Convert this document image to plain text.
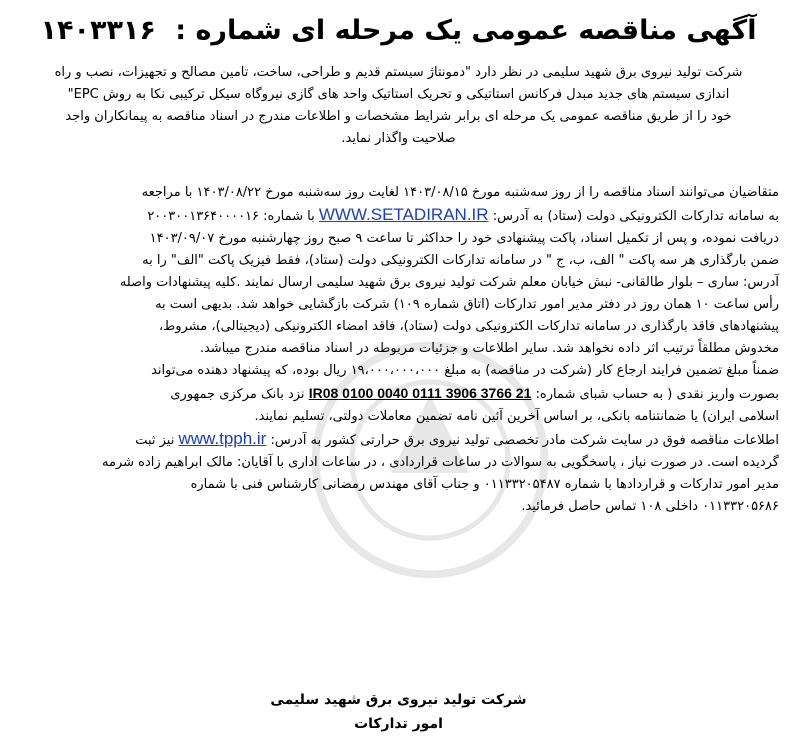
آگهی مناقصه عمومی یک مرحله ای شماره : ۱۴۰۳۳۱۶

شرکت تولید نیروی برق شهید سلیمی در نظر دارد "دمونتاژ سیستم قدیم و طراحی، ساخت، تامین مصالح و تجهیزات، نصب و راه

اندازی سیستم های جدید مبدل فرکانس استاتیکی و تحریک استاتیک واحد های گازی نیروگاه سیکل ترکیبی نکا به روش EPC"

خود را از طریق مناقصه عمومی یک مرحله ای برابر شرایط مشخصات و اطلاعات مندرج در اسناد مناقصه به پیمانکاران واجد

صلاحیت واگذار نماید.

متقاضیان می‌توانند اسناد مناقصه را از روز سه‌شنبه مورخ ۱۴۰۳/۰۸/۱۵ لغایت روز سه‌شنبه مورخ ۱۴۰۳/۰۸/۲۲ با مراجعه

به سامانه تدارکات الکترونیکی دولت (ستاد) به آدرس: WWW.SETADIRAN.IR با شماره: ۲۰۰۳۰۰۱۳۶۴۰۰۰۰۱۶

دریافت نموده، و پس از تکمیل اسناد، پاکت پیشنهادی خود را حداکثر تا ساعت ۹ صبح روز چهارشنبه مورخ ۱۴۰۳/۰۹/۰۷

ضمن بارگذاری هر سه پاکت " الف، ب، ج " در سامانه تدارکات الکترونیکی دولت (ستاد)، فقط فیزیک پاکت "الف" را به

آدرس: ساری – بلوار طالقانی- نبش خیابان معلم شرکت تولید نیروی برق شهید سلیمی ارسال نمایند .کلیه پیشنهادات واصله

رأس ساعت ۱۰ همان روز در دفتر مدیر امور تدارکات (اتاق شماره ۱۰۹) شرکت بازگشایی خواهد شد. بدیهی است به

پیشنهادهای فاقد بارگذاری در سامانه تدارکات الکترونیکی دولت (ستاد)، فاقد امضاء الکترونیکی (دیجیتالی)، مشروط،

مخدوش مطلقاً ترتیب اثر داده نخواهد شد. سایر اطلاعات و جزئیات مربوطه در اسناد مناقصه مندرج میباشد.

ضمناً مبلغ تضمین فرایند ارجاع کار (شرکت در مناقصه) به مبلغ ۱۹،۰۰۰،۰۰۰،۰۰۰ ریال بوده، که پیشنهاد دهنده می‌تواند

بصورت واریز نقدی ( به حساب شبای شماره: IR08 0100 0040 0111 3906 3766 21 نزد بانک مرکزی جمهوری

اسلامی ایران) یا ضمانتنامه بانکی، بر اساس آخرین آئین نامه تضمین معاملات دولتی، تسلیم نمایند.

اطلاعات مناقصه فوق در سایت شرکت مادر تخصصی تولید نیروی برق حرارتی کشور به آدرس: www.tpph.ir نیز ثبت

گردیده است. در صورت نیاز ، پاسخگویی به سوالات در ساعات قراردادی ، در ساعات اداری با آقایان: مالک ابراهیم زاده شرمه

مدیر امور تدارکات و قراردادها با شماره ۰۱۱۳۳۲۰۵۴۸۷ و جناب آقای مهندس رمضانی کارشناس فنی با شماره

۰۱۱۳۳۲۰۵۶۸۶ داخلی ۱۰۸ تماس حاصل فرمائید.

شرکت تولید نیروی برق شهید سلیمی

امور تدارکات
